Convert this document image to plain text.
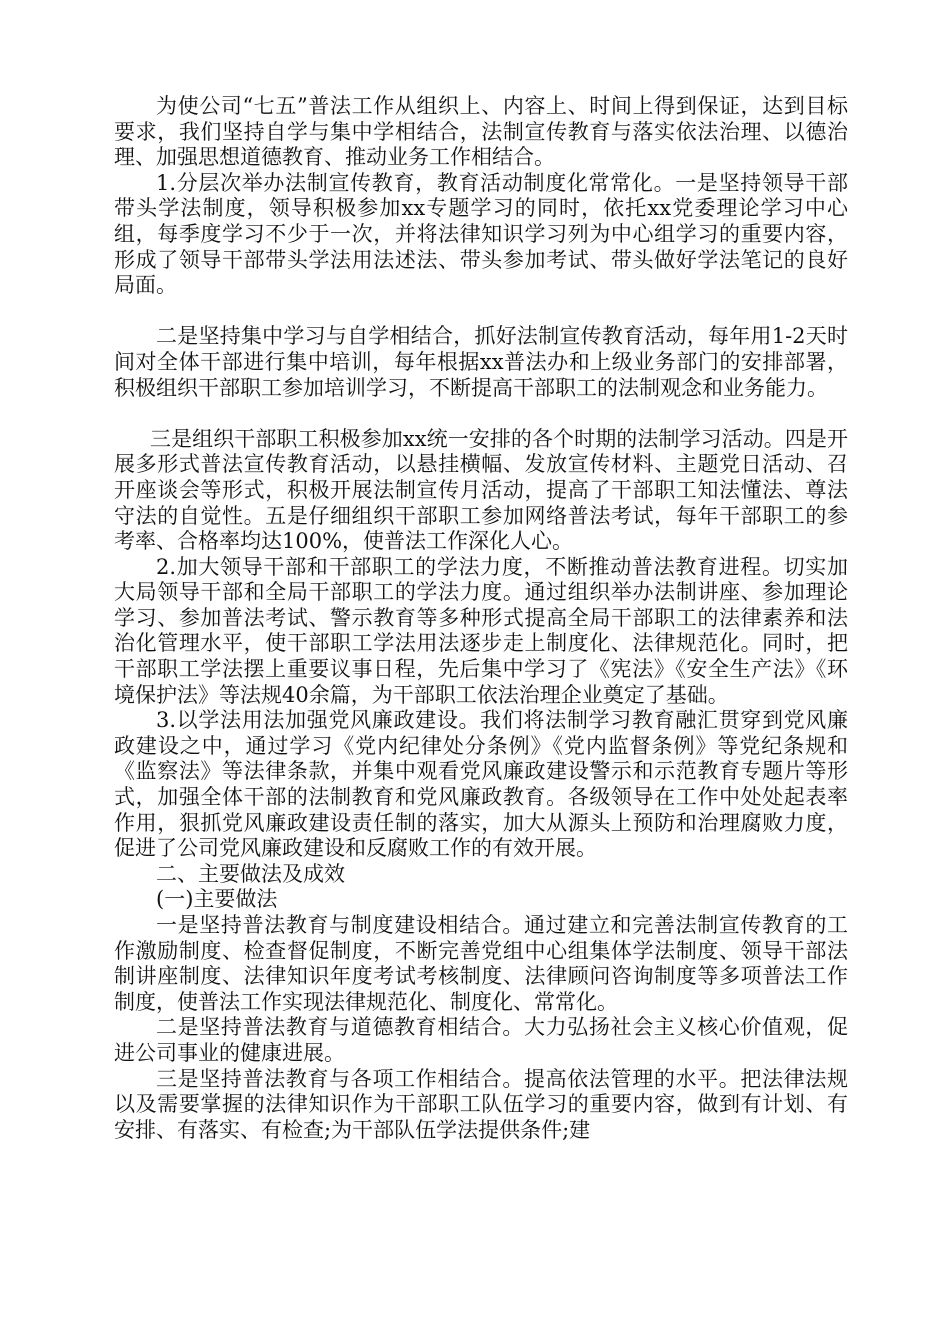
为使公司“七五”普法工作从组织上、内容上、时间上得到保证，达到目标要求，我们坚持自学与集中学相结合，法制宣传教育与落实依法治理、以德治理、加强思想道德教育、推动业务工作相结合。

1.分层次举办法制宣传教育，教育活动制度化常常化。一是坚持领导干部带头学法制度，领导积极参加xx专题学习的同时，依托xx党委理论学习中心组，每季度学习不少于一次，并将法律知识学习列为中心组学习的重要内容，形成了领导干部带头学法用法述法、带头参加考试、带头做好学法笔记的良好局面。

二是坚持集中学习与自学相结合，抓好法制宣传教育活动，每年用1-2天时间对全体干部进行集中培训，每年根据xx普法办和上级业务部门的安排部署，积极组织干部职工参加培训学习，不断提高干部职工的法制观念和业务能力。

三是组织干部职工积极参加xx统一安排的各个时期的法制学习活动。四是开展多形式普法宣传教育活动，以悬挂横幅、发放宣传材料、主题党日活动、召开座谈会等形式，积极开展法制宣传月活动，提高了干部职工知法懂法、尊法守法的自觉性。五是仔细组织干部职工参加网络普法考试，每年干部职工的参考率、合格率均达100%，使普法工作深化人心。

2.加大领导干部和干部职工的学法力度，不断推动普法教育进程。切实加大局领导干部和全局干部职工的学法力度。通过组织举办法制讲座、参加理论学习、参加普法考试、警示教育等多种形式提高全局干部职工的法律素养和法治化管理水平，使干部职工学法用法逐步走上制度化、法律规范化。同时，把干部职工学法摆上重要议事日程，先后集中学习了《宪法》《安全生产法》《环境保护法》等法规40余篇，为干部职工依法治理企业奠定了基础。

3.以学法用法加强党风廉政建设。我们将法制学习教育融汇贯穿到党风廉政建设之中，通过学习《党内纪律处分条例》《党内监督条例》等党纪条规和《监察法》等法律条款，并集中观看党风廉政建设警示和示范教育专题片等形式，加强全体干部的法制教育和党风廉政教育。各级领导在工作中处处起表率作用，狠抓党风廉政建设责任制的落实，加大从源头上预防和治理腐败力度，促进了公司党风廉政建设和反腐败工作的有效开展。

二、主要做法及成效

(一)主要做法

一是坚持普法教育与制度建设相结合。通过建立和完善法制宣传教育的工作激励制度、检查督促制度，不断完善党组中心组集体学法制度、领导干部法制讲座制度、法律知识年度考试考核制度、法律顾问咨询制度等多项普法工作制度，使普法工作实现法律规范化、制度化、常常化。

二是坚持普法教育与道德教育相结合。大力弘扬社会主义核心价值观，促进公司事业的健康进展。

三是坚持普法教育与各项工作相结合。提高依法管理的水平。把法律法规以及需要掌握的法律知识作为干部职工队伍学习的重要内容，做到有计划、有安排、有落实、有检查;为干部队伍学法提供条件;建
